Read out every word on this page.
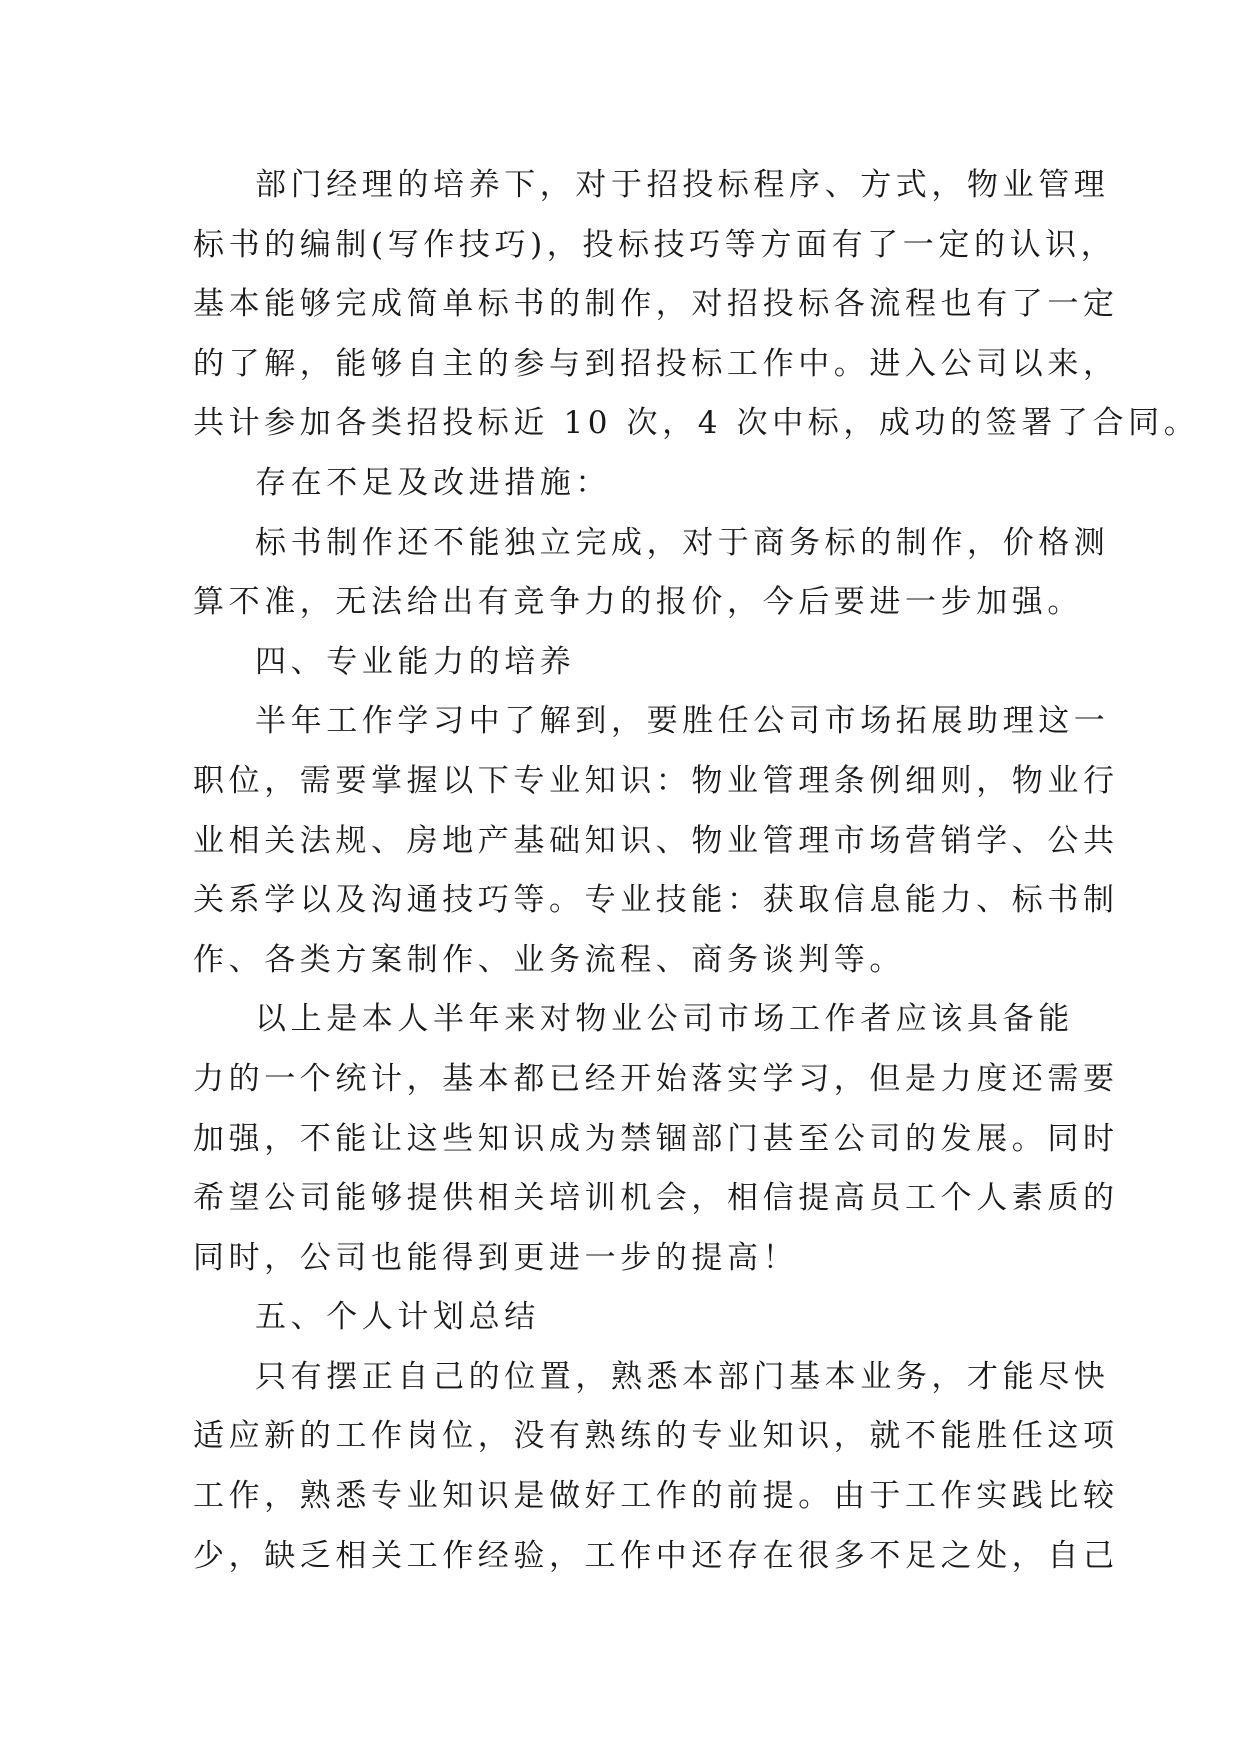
部门经理的培养下，对于招投标程序、方式，物业管理
标书的编制(写作技巧)，投标技巧等方面有了一定的认识，
基本能够完成简单标书的制作，对招投标各流程也有了一定
的了解，能够自主的参与到招投标工作中。进入公司以来，
共计参加各类招投标近 10 次，4 次中标，成功的签署了合同。
存在不足及改进措施：
标书制作还不能独立完成，对于商务标的制作，价格测
算不准，无法给出有竞争力的报价，今后要进一步加强。
四、专业能力的培养
半年工作学习中了解到，要胜任公司市场拓展助理这一
职位，需要掌握以下专业知识：物业管理条例细则，物业行
业相关法规、房地产基础知识、物业管理市场营销学、公共
关系学以及沟通技巧等。专业技能：获取信息能力、标书制
作、各类方案制作、业务流程、商务谈判等。
以上是本人半年来对物业公司市场工作者应该具备能
力的一个统计，基本都已经开始落实学习，但是力度还需要
加强，不能让这些知识成为禁锢部门甚至公司的发展。同时
希望公司能够提供相关培训机会，相信提高员工个人素质的
同时，公司也能得到更进一步的提高！
五、个人计划总结
只有摆正自己的位置，熟悉本部门基本业务，才能尽快
适应新的工作岗位，没有熟练的专业知识，就不能胜任这项
工作，熟悉专业知识是做好工作的前提。由于工作实践比较
少，缺乏相关工作经验，工作中还存在很多不足之处，自己
